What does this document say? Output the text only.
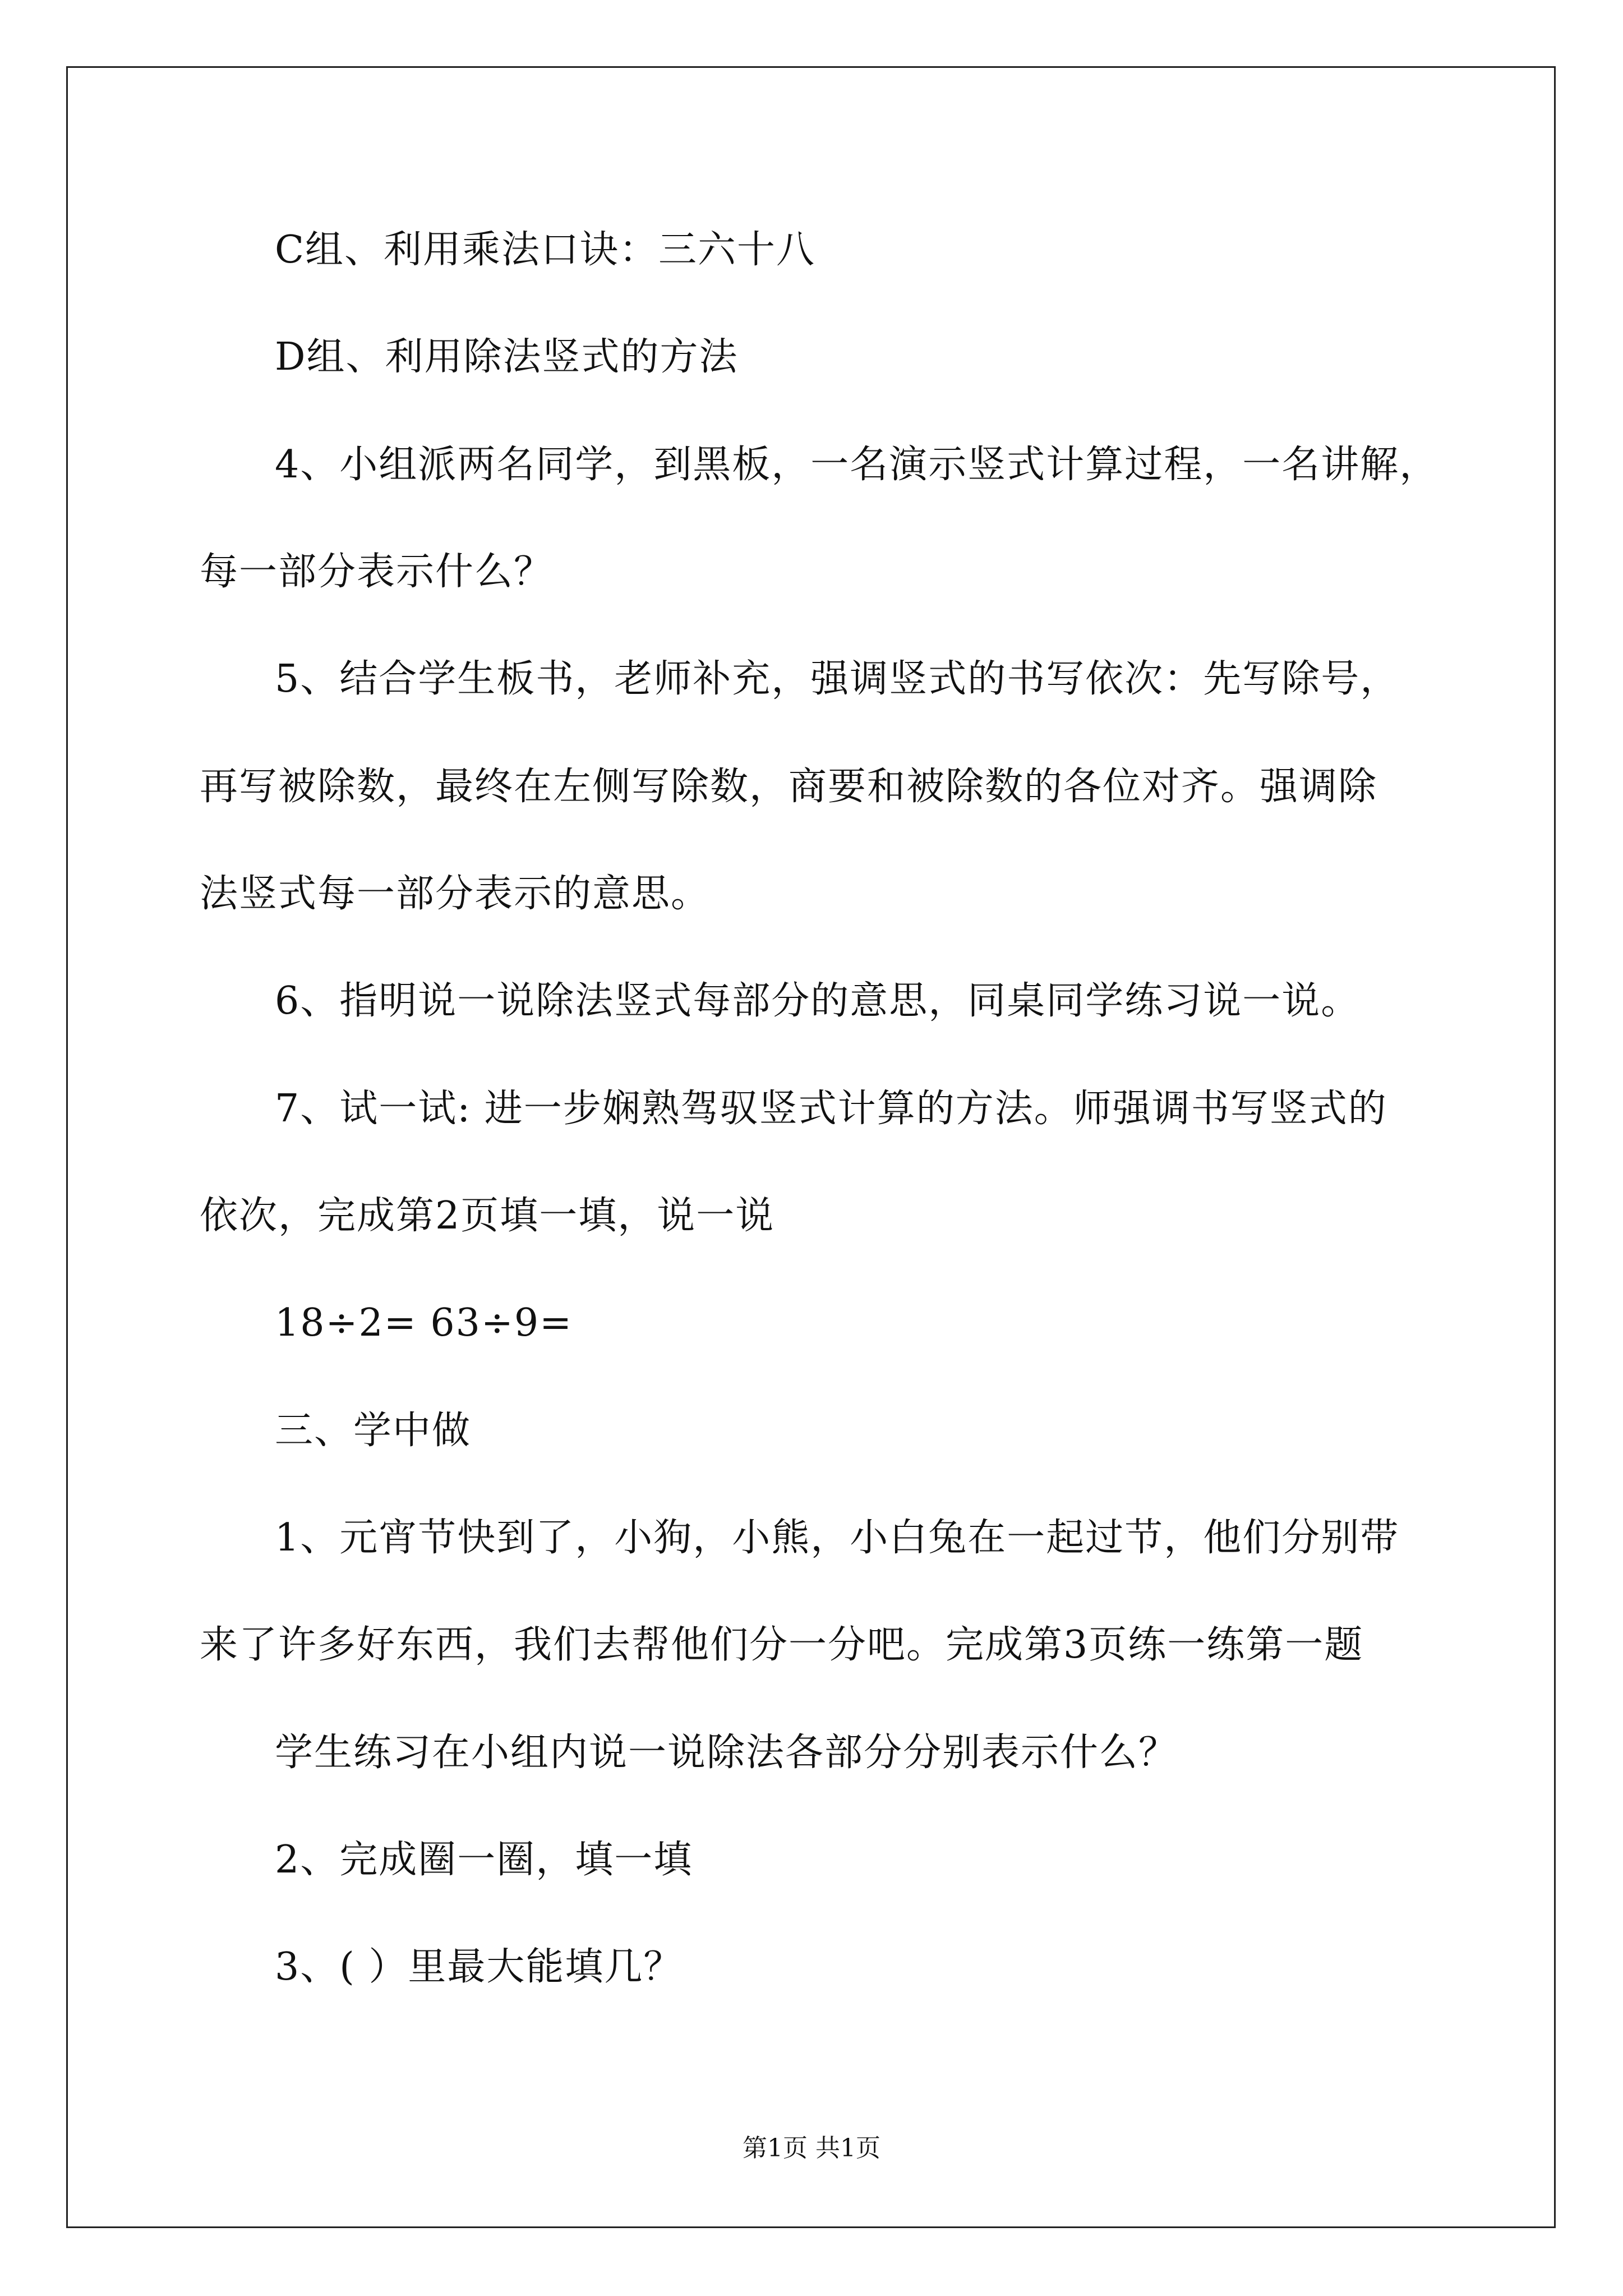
C组、利用乘法口诀：三六十八
D组、利用除法竖式的方法
4、小组派两名同学，到黑板，一名演示竖式计算过程，一名讲解，
每一部分表示什么？
5、结合学生板书，老师补充，强调竖式的书写依次：先写除号，
再写被除数，最终在左侧写除数，商要和被除数的各位对齐。强调除
法竖式每一部分表示的意思。
6、指明说一说除法竖式每部分的意思，同桌同学练习说一说。
7、试一试: 进一步娴熟驾驭竖式计算的方法。师强调书写竖式的
依次，完成第2页填一填，说一说
18÷2= 63÷9=
三、学中做
1、元宵节快到了，小狗，小熊，小白兔在一起过节，他们分别带
来了许多好东西，我们去帮他们分一分吧。完成第3页练一练第一题
学生练习在小组内说一说除法各部分分别表示什么？
2、完成圈一圈，填一填
3、( ）里最大能填几？
第1页 共1页
